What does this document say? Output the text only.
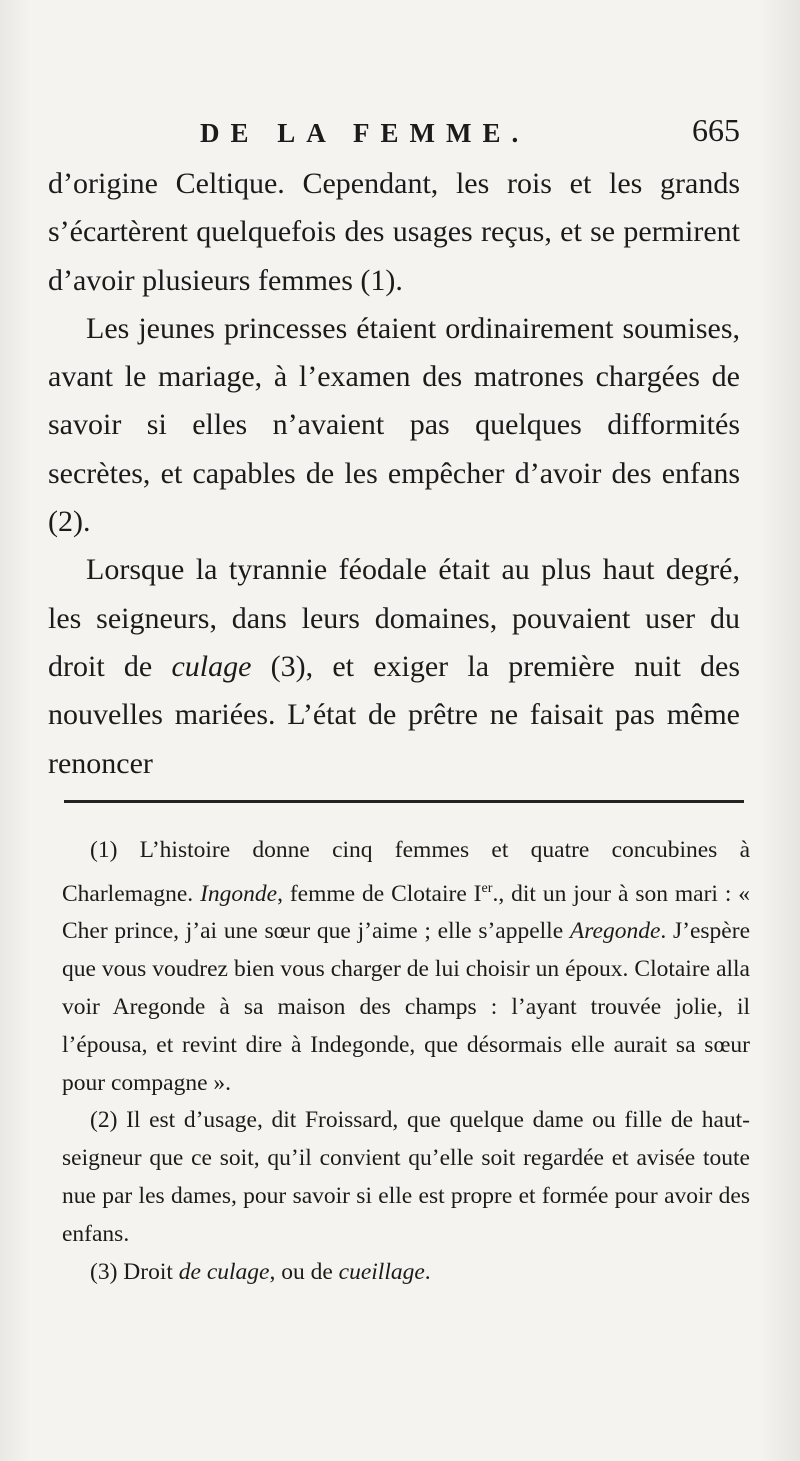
DE LA FEMME.	665

d’origine Celtique. Cependant, les rois et les grands s’écartèrent quelquefois des usages reçus, et se permirent d’avoir plusieurs femmes (1).

Les jeunes princesses étaient ordinairement soumises, avant le mariage, à l’examen des matrones chargées de savoir si elles n’avaient pas quelques difformités secrètes, et capables de les empêcher d’avoir des enfans (2).

Lorsque la tyrannie féodale était au plus haut degré, les seigneurs, dans leurs domaines, pouvaient user du droit de culage (3), et exiger la première nuit des nouvelles mariées. L’état de prêtre ne faisait pas même renoncer

(1) L’histoire donne cinq femmes et quatre concubines à Charlemagne. Ingonde, femme de Clotaire Ier., dit un jour à son mari : « Cher prince, j’ai une sœur que j’aime ; elle s’appelle Aregonde. J’espère que vous voudrez bien vous charger de lui choisir un époux. Clotaire alla voir Aregonde à sa maison des champs : l’ayant trouvée jolie, il l’épousa, et revint dire à Indegonde, que désormais elle aurait sa sœur pour compagne ».

(2) Il est d’usage, dit Froissard, que quelque dame ou fille de haut-seigneur que ce soit, qu’il convient qu’elle soit regardée et avisée toute nue par les dames, pour savoir si elle est propre et formée pour avoir des enfans.

(3) Droit de culage, ou de cueillage.
